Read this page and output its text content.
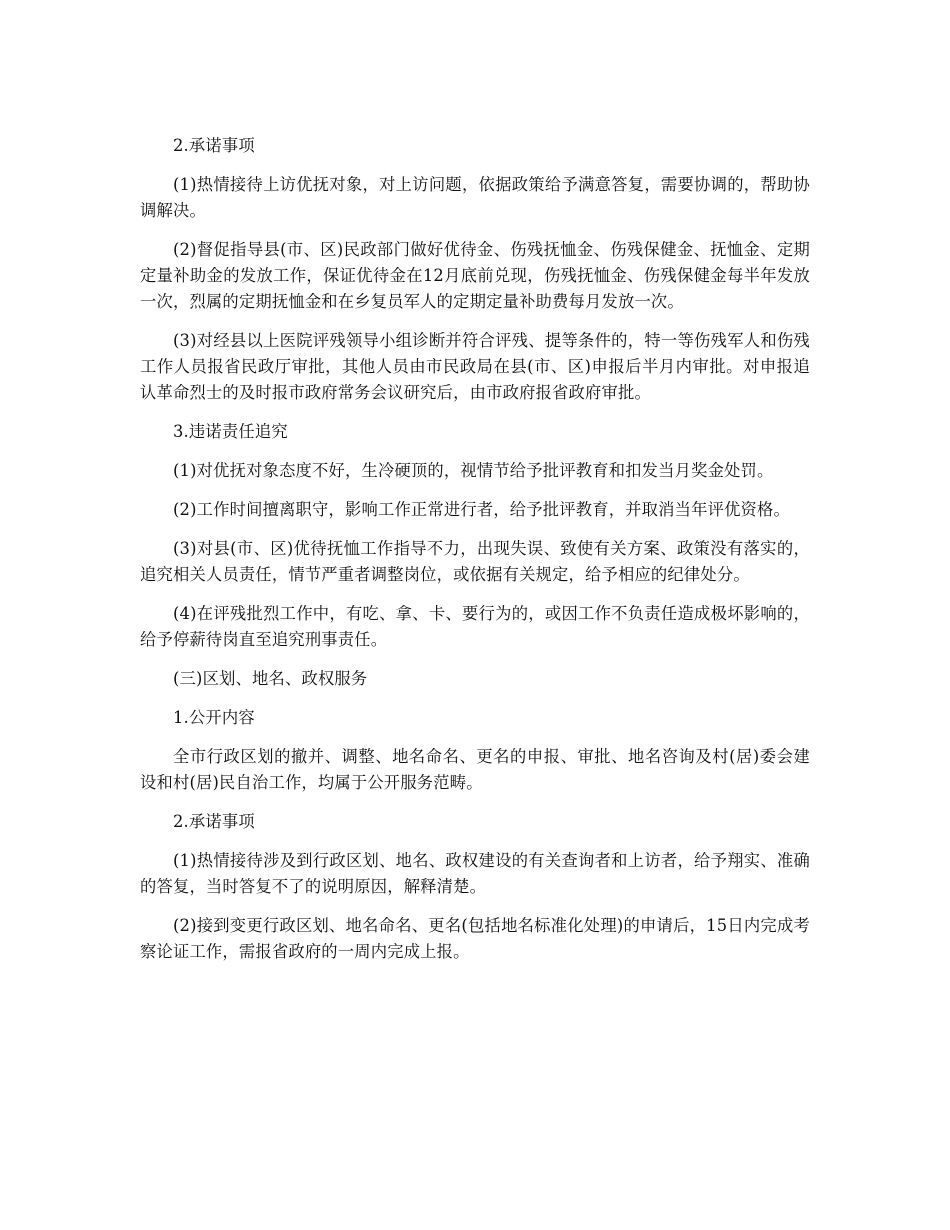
2.承诺事项

(1)热情接待上访优抚对象，对上访问题，依据政策给予满意答复，需要协调的，帮助协调解决。

(2)督促指导县(市、区)民政部门做好优待金、伤残抚恤金、伤残保健金、抚恤金、定期定量补助金的发放工作，保证优待金在12月底前兑现，伤残抚恤金、伤残保健金每半年发放一次，烈属的定期抚恤金和在乡复员军人的定期定量补助费每月发放一次。

(3)对经县以上医院评残领导小组诊断并符合评残、提等条件的，特一等伤残军人和伤残工作人员报省民政厅审批，其他人员由市民政局在县(市、区)申报后半月内审批。对申报追认革命烈士的及时报市政府常务会议研究后，由市政府报省政府审批。

3.违诺责任追究

(1)对优抚对象态度不好，生冷硬顶的，视情节给予批评教育和扣发当月奖金处罚。

(2)工作时间擅离职守，影响工作正常进行者，给予批评教育，并取消当年评优资格。

(3)对县(市、区)优待抚恤工作指导不力，出现失误、致使有关方案、政策没有落实的，追究相关人员责任，情节严重者调整岗位，或依据有关规定，给予相应的纪律处分。

(4)在评残批烈工作中，有吃、拿、卡、要行为的，或因工作不负责任造成极坏影响的，给予停薪待岗直至追究刑事责任。

(三)区划、地名、政权服务

1.公开内容

全市行政区划的撤并、调整、地名命名、更名的申报、审批、地名咨询及村(居)委会建设和村(居)民自治工作，均属于公开服务范畴。

2.承诺事项

(1)热情接待涉及到行政区划、地名、政权建设的有关查询者和上访者，给予翔实、准确的答复，当时答复不了的说明原因，解释清楚。

(2)接到变更行政区划、地名命名、更名(包括地名标准化处理)的申请后，15日内完成考察论证工作，需报省政府的一周内完成上报。
